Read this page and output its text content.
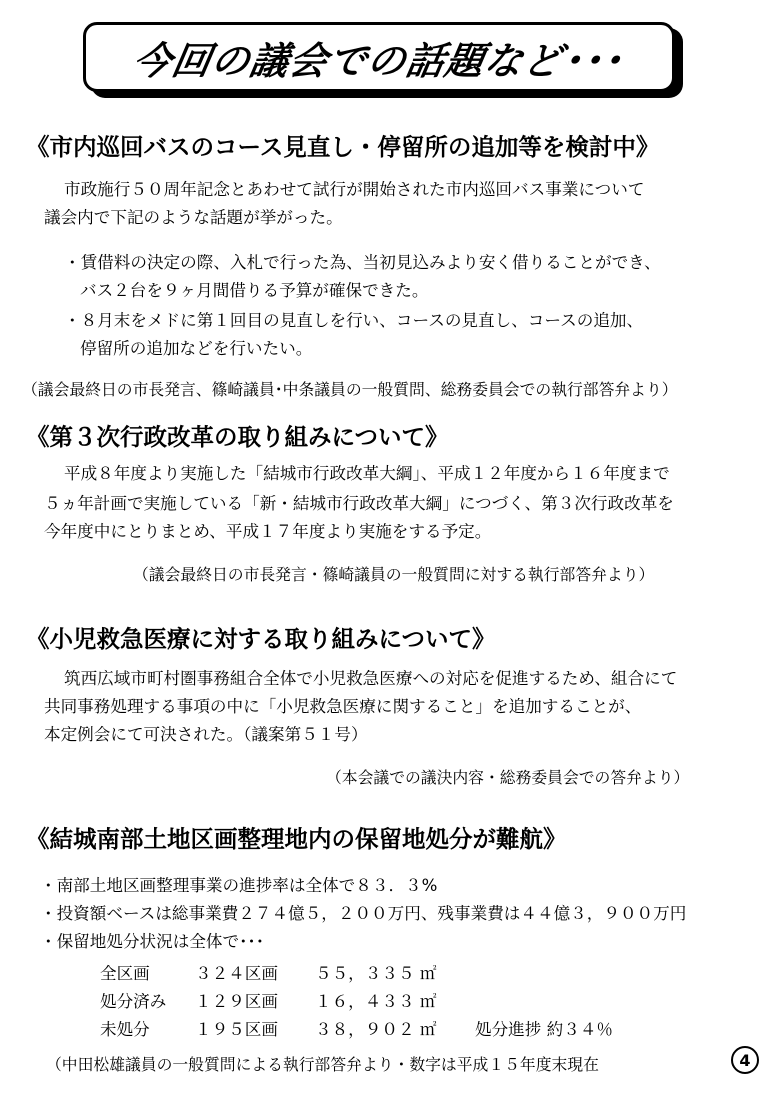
今回の議会での話題など･･･
《市内巡回バスのコース見直し・停留所の追加等を検討中》
市政施行５０周年記念とあわせて試行が開始された市内巡回バス事業について
議会内で下記のような話題が挙がった。
・賃借料の決定の際、入札で行った為、当初見込みより安く借りることができ、
バス２台を９ヶ月間借りる予算が確保できた。
・８月末をメドに第１回目の見直しを行い、コースの見直し、コースの追加、
停留所の追加などを行いたい。
（議会最終日の市長発言、篠崎議員･中条議員の一般質問、総務委員会での執行部答弁より）
《第３次行政改革の取り組みについて》
平成８年度より実施した「結城市行政改革大綱」、平成１２年度から１６年度まで
５ヵ年計画で実施している「新・結城市行政改革大綱」につづく、第３次行政改革を
今年度中にとりまとめ、平成１７年度より実施をする予定。
（議会最終日の市長発言・篠崎議員の一般質問に対する執行部答弁より）
《小児救急医療に対する取り組みについて》
筑西広域市町村圏事務組合全体で小児救急医療への対応を促進するため、組合にて
共同事務処理する事項の中に「小児救急医療に関すること」を追加することが、
本定例会にて可決された。（議案第５１号）
（本会議での議決内容・総務委員会での答弁より）
《結城南部土地区画整理地内の保留地処分が難航》
・南部土地区画整理事業の進捗率は全体で８３．３%
・投資額ベースは総事業費２７４億５，２００万円、残事業費は４４億３，９００万円
・保留地処分状況は全体で･･･
全区画	３２４区画 ５５，３３５ ㎡
処分済み １２９区画 １６，４３３ ㎡
未処分	１９５区画 ３８，９０２ ㎡ 処分進捗 約３４％
（中田松雄議員の一般質問による執行部答弁より・数字は平成１５年度末現在	4
